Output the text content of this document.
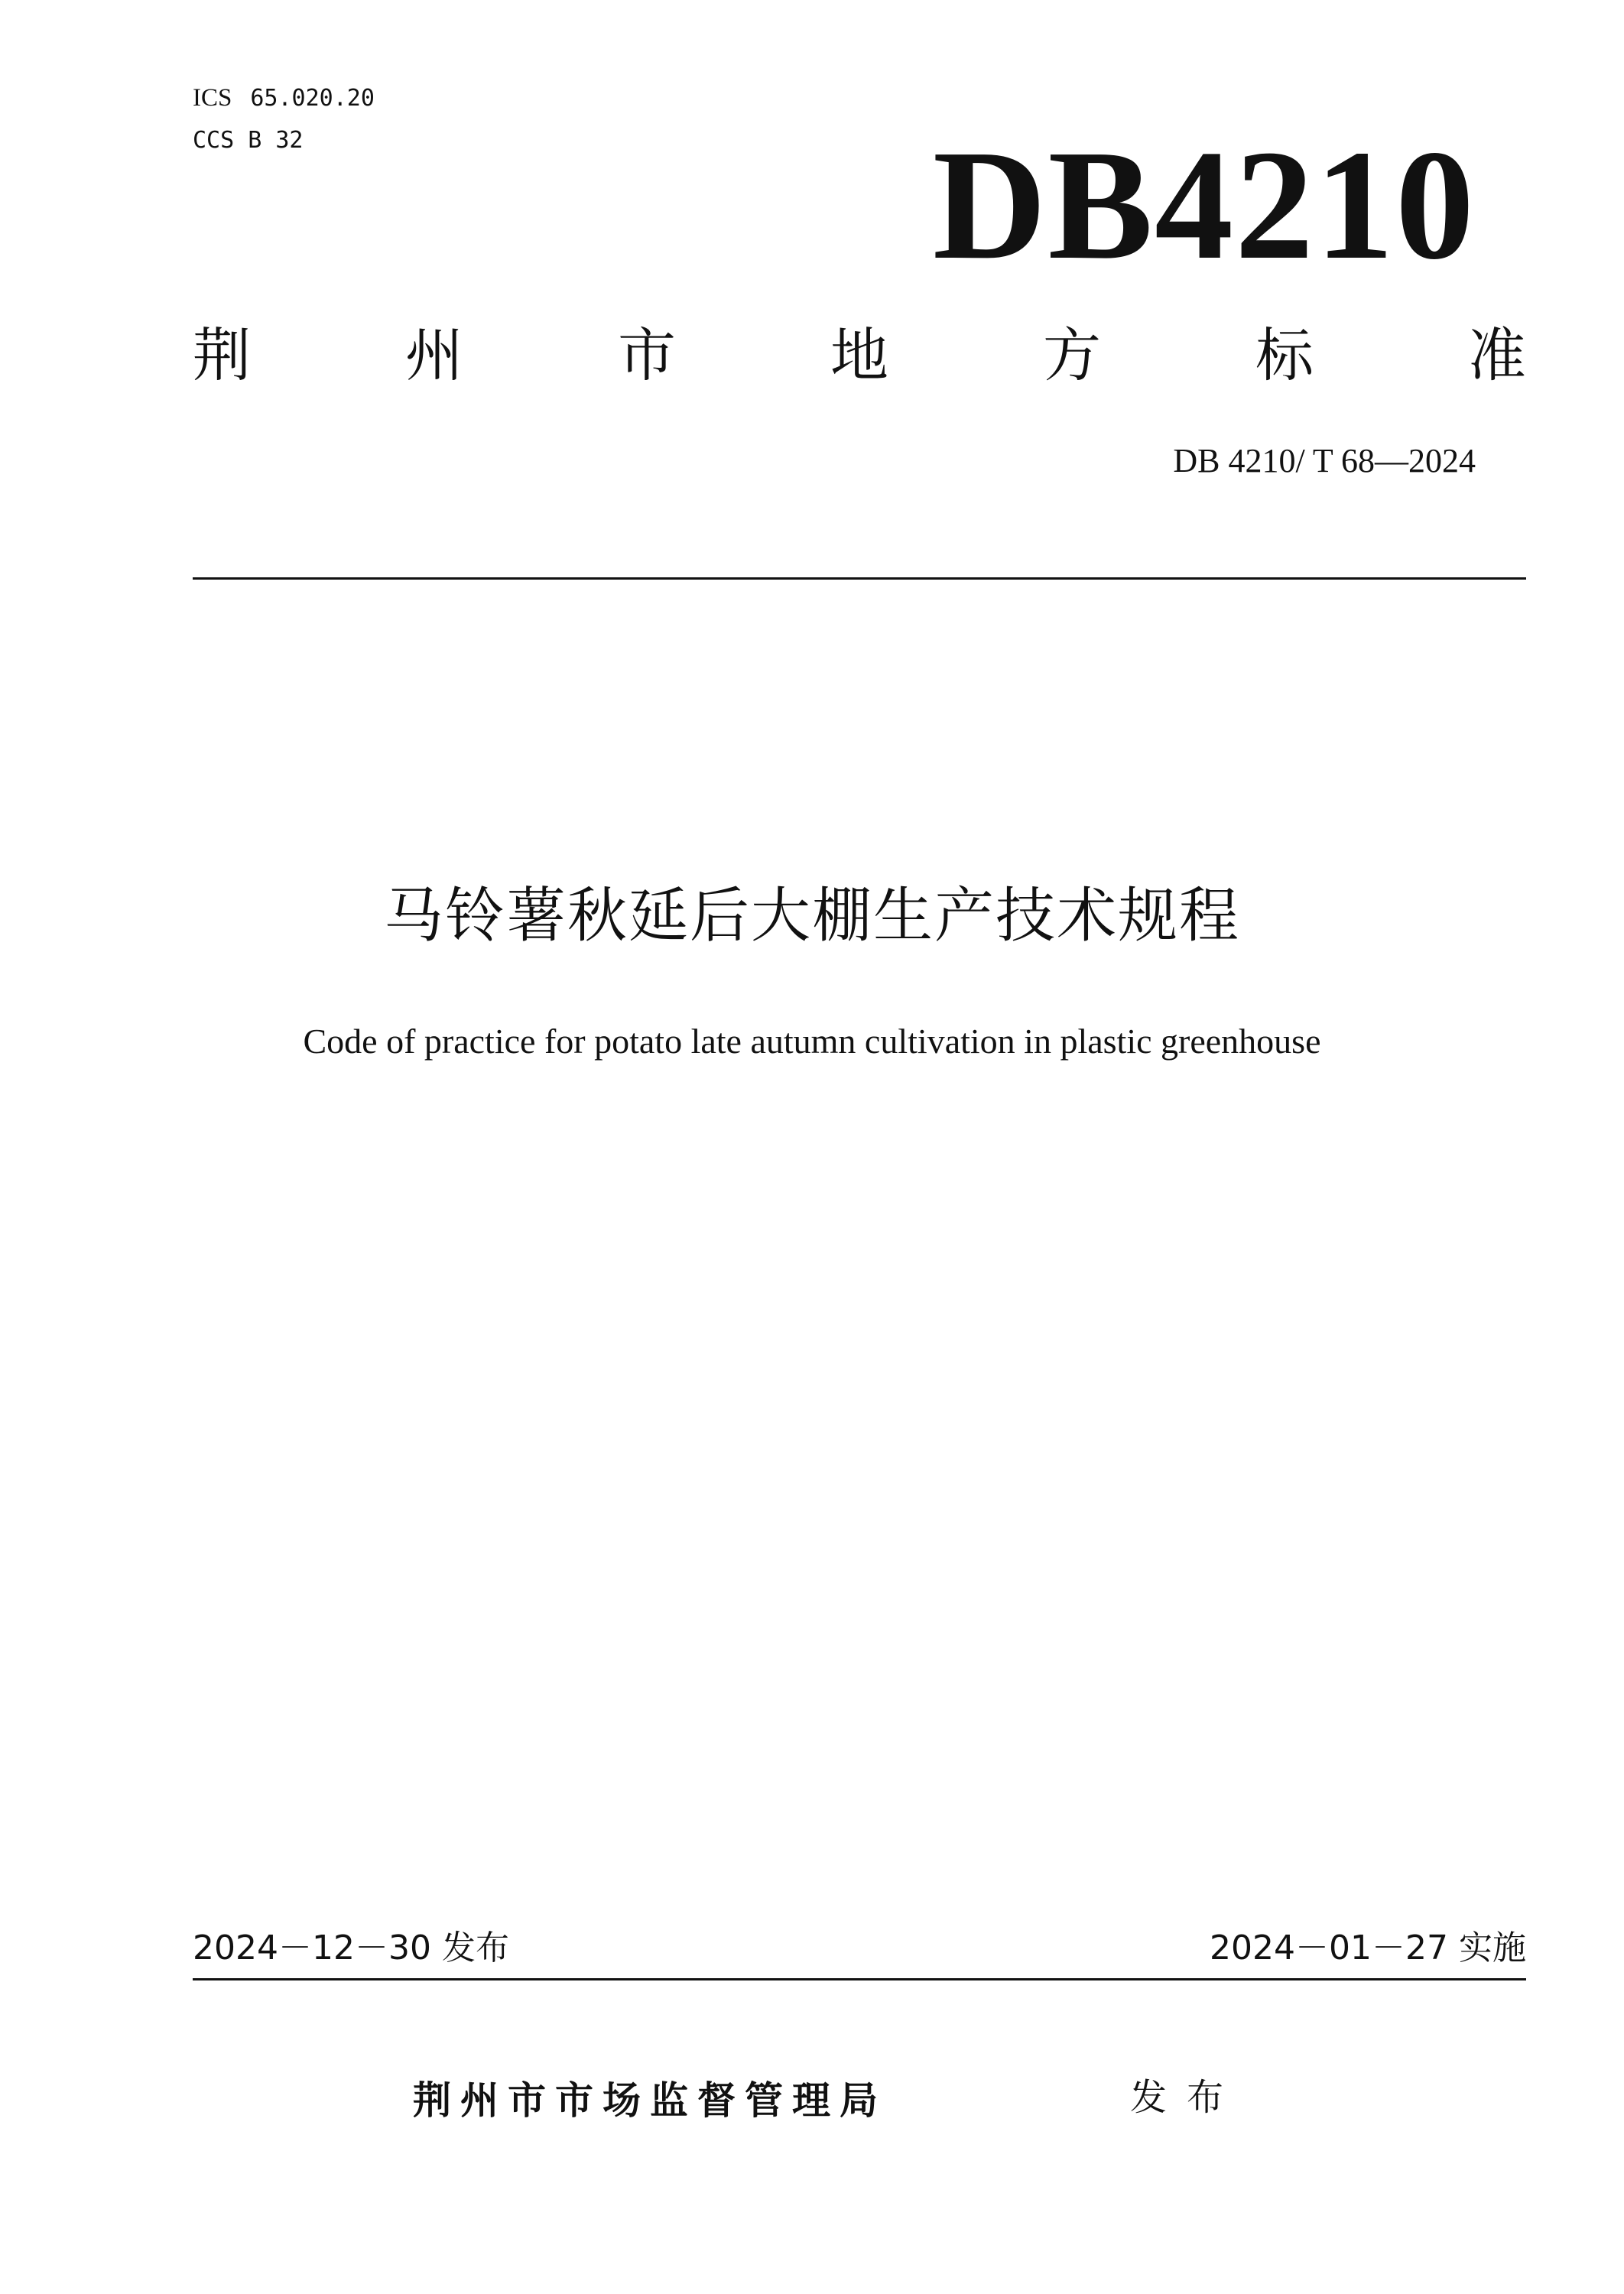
ICS 65.020.20
CCS B 32	DB4210
荆	州	市	地	方	标	准
DB 4210/ T 68—2024
马铃薯秋延后大棚生产技术规程
Code of practice for potato late autumn cultivation in plastic greenhouse
2024－12－30 发布	2024－01－27 实施
荆州市市场监督管理局	发布
